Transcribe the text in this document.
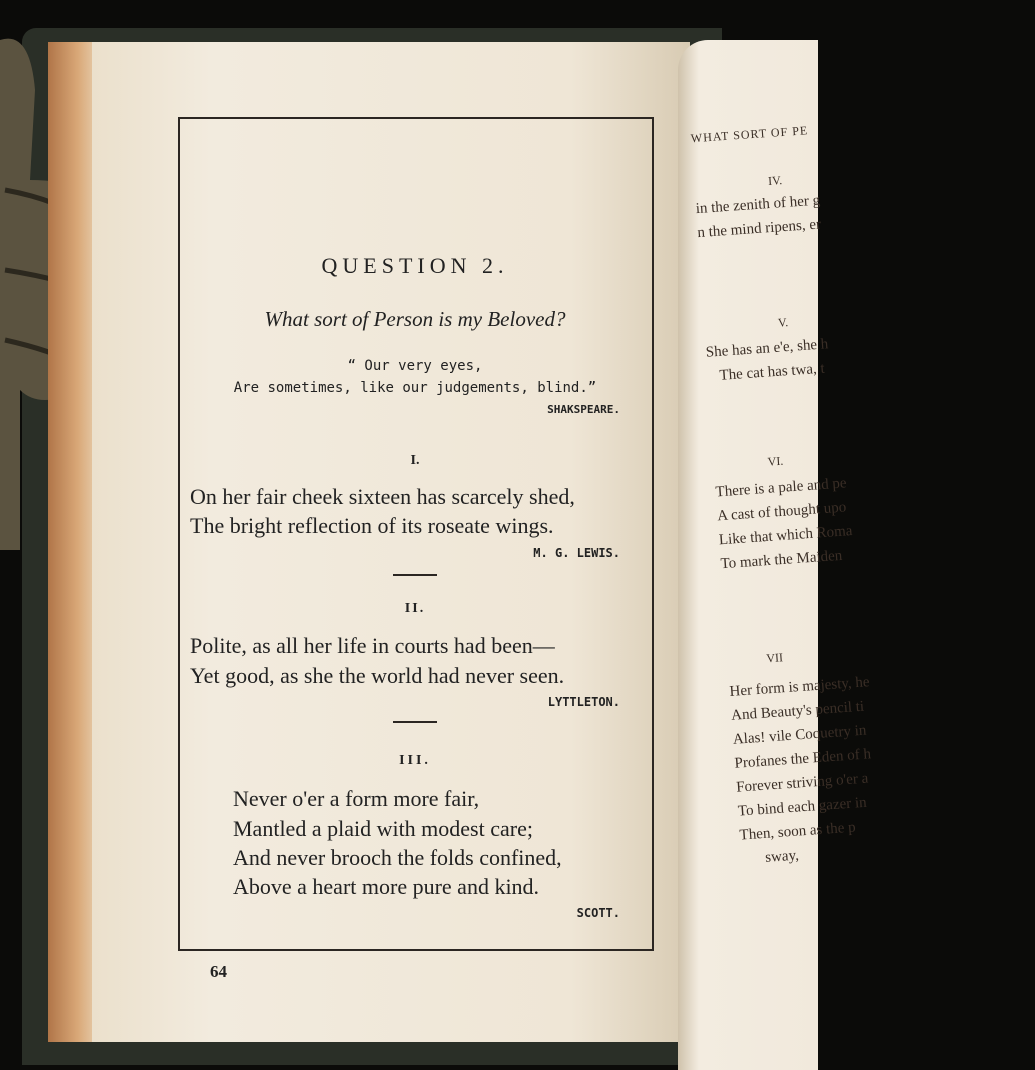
QUESTION 2.
What sort of Person is my Beloved?
“ Our very eyes,
Are sometimes, like our judgements, blind.”
SHAKSPEARE.
I.
On her fair cheek sixteen has scarcely shed,
The bright reflection of its roseate wings.
M. G. LEWIS.
II.
Polite, as all her life in courts had been—
Yet good, as she the world had never seen.
LYTTLETON.
III.
Never o'er a form more fair,
Mantled a plaid with modest care;
And never brooch the folds confined,
Above a heart more pure and kind.
SCOTT.
64
WHAT SORT OF PE
IV.
in the zenith of her g
n the mind ripens, er
V.
She has an e'e, she h
The cat has twa, t
VI.
There is a pale and pe
A cast of thought upo
Like that which Roma
To mark the Maiden
VII
Her form is majesty, he
And Beauty's pencil ti
Alas! vile Coquetry in
Profanes the Eden of h
Forever striving o'er a
To bind each gazer in
Then, soon as the p
sway,
